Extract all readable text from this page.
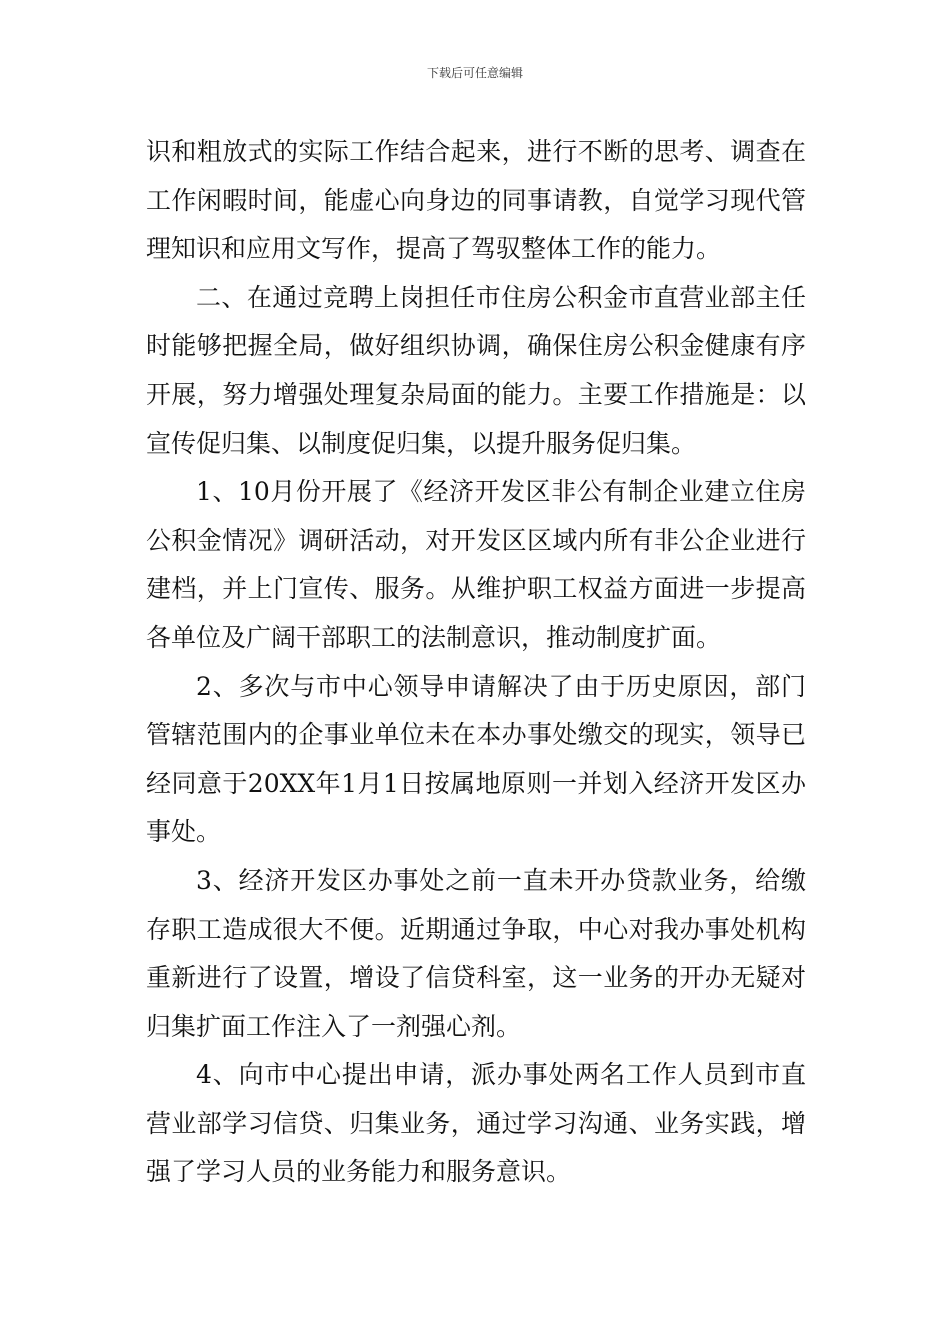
下载后可任意编辑

识和粗放式的实际工作结合起来，进行不断的思考、调查在工作闲暇时间，能虚心向身边的同事请教，自觉学习现代管理知识和应用文写作，提高了驾驭整体工作的能力。

二、在通过竞聘上岗担任市住房公积金市直营业部主任时能够把握全局，做好组织协调，确保住房公积金健康有序开展，努力增强处理复杂局面的能力。主要工作措施是：以宣传促归集、以制度促归集，以提升服务促归集。

1、10月份开展了《经济开发区非公有制企业建立住房公积金情况》调研活动，对开发区区域内所有非公企业进行建档，并上门宣传、服务。从维护职工权益方面进一步提高各单位及广阔干部职工的法制意识，推动制度扩面。

2、多次与市中心领导申请解决了由于历史原因，部门管辖范围内的企事业单位未在本办事处缴交的现实，领导已经同意于20XX年1月1日按属地原则一并划入经济开发区办事处。

3、经济开发区办事处之前一直未开办贷款业务，给缴存职工造成很大不便。近期通过争取，中心对我办事处机构重新进行了设置，增设了信贷科室，这一业务的开办无疑对归集扩面工作注入了一剂强心剂。

4、向市中心提出申请，派办事处两名工作人员到市直营业部学习信贷、归集业务，通过学习沟通、业务实践，增强了学习人员的业务能力和服务意识。
